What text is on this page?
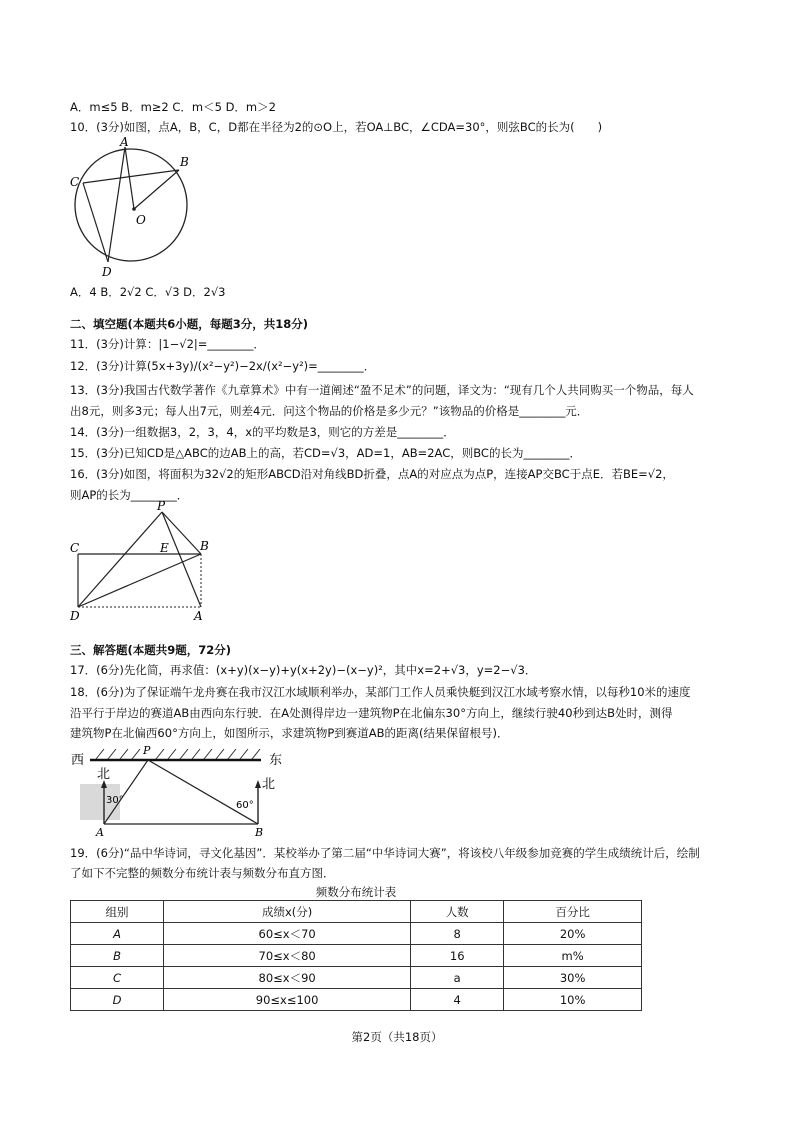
A．m≤5 B．m≥2 C．m＜5 D．m＞2
10．(3分)如图，点A，B，C，D都在半径为2的⊙O上，若OA⊥BC，∠CDA=30°，则弦BC的长为(　　)
A
B
C
D
O
A．4 B．2√2 C．√3 D．2√3
二、填空题(本题共6小题，每题3分，共18分)
11．(3分)计算：|1−√2|=________．
12．(3分)计算(5x+3y)/(x²−y²)−2x/(x²−y²)=________．
13．(3分)我国古代数学著作《九章算术》中有一道阐述“盈不足术”的问题，译文为：“现有几个人共同购买一个物品，每人
出8元，则多3元；每人出7元，则差4元．问这个物品的价格是多少元？”该物品的价格是________元．
14．(3分)一组数据3，2，3，4，x的平均数是3，则它的方差是________．
15．(3分)已知CD是△ABC的边AB上的高，若CD=√3，AD=1，AB=2AC，则BC的长为________．
16．(3分)如图，将面积为32√2的矩形ABCD沿对角线BD折叠，点A的对应点为点P，连接AP交BC于点E．若BE=√2，
则AP的长为________．
P
C	E	B
D	A
三、解答题(本题共9题，72分)
17．(6分)先化简，再求值：(x+y)(x−y)+y(x+2y)−(x−y)²，其中x=2+√3，y=2−√3．
18．(6分)为了保证端午龙舟赛在我市汉江水域顺利举办，某部门工作人员乘快艇到汉江水域考察水情，以每秒10米的速度
沿平行于岸边的赛道AB由西向东行驶．在A处测得岸边一建筑物P在北偏东30°方向上，继续行驶40秒到达B处时，测得
建筑物P在北偏西60°方向上，如图所示，求建筑物P到赛道AB的距离(结果保留根号)．
西	东
P
北
30°
北
60°
A	B
19．(6分)“品中华诗词，寻文化基因”．某校举办了第二届“中华诗词大赛”，将该校八年级参加竞赛的学生成绩统计后，绘制
了如下不完整的频数分布统计表与频数分布直方图．
频数分布统计表
组别	成绩x(分)	人数	百分比
A	60≤x＜70	8	20%
B	70≤x＜80	16	m%
C	80≤x＜90	a	30%
D	90≤x≤100	4	10%
第2页（共18页）
